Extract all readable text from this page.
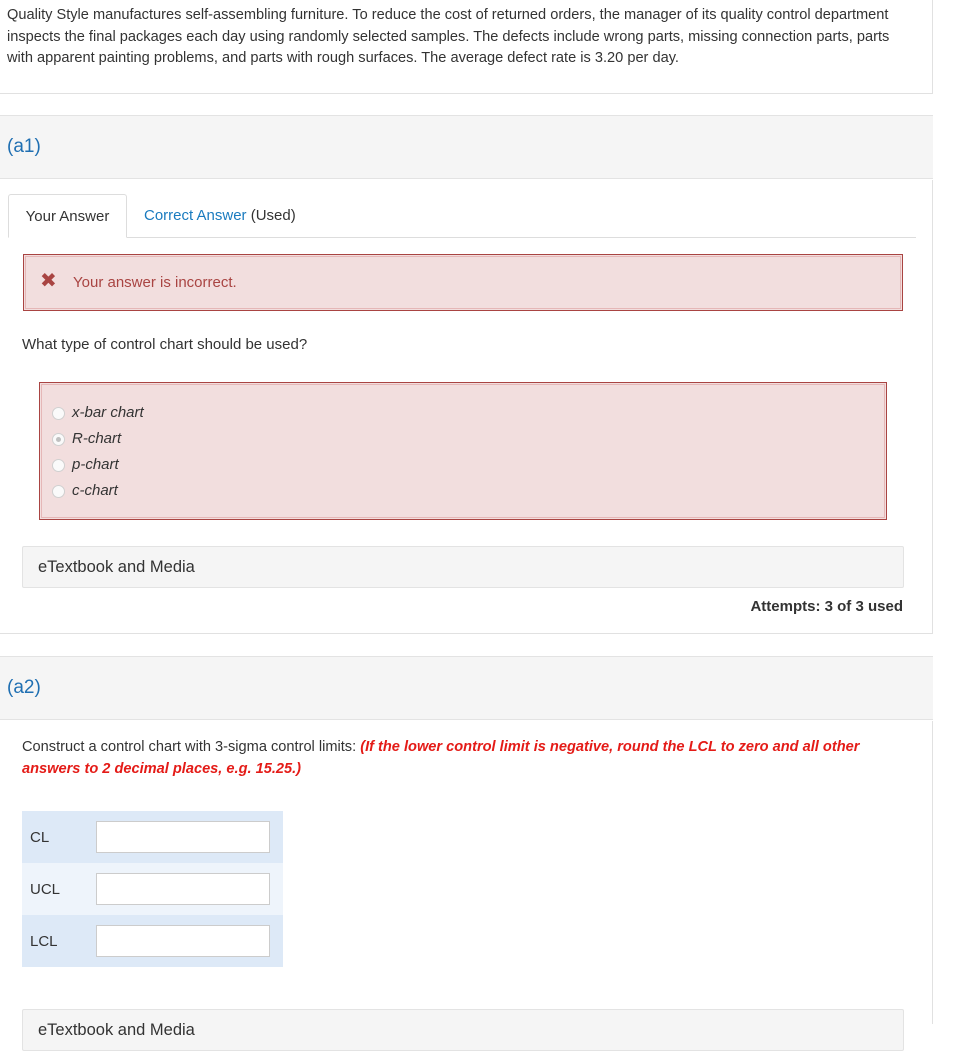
Quality Style manufactures self-assembling furniture. To reduce the cost of returned orders, the manager of its quality control department inspects the final packages each day using randomly selected samples. The defects include wrong parts, missing connection parts, parts with apparent painting problems, and parts with rough surfaces. The average defect rate is 3.20 per day.

(a1)
Your Answer	Correct Answer (Used)
✖ Your answer is incorrect.
What type of control chart should be used?
x-bar chart
R-chart
p-chart
c-chart
eTextbook and Media
Attempts: 3 of 3 used
(a2)
Construct a control chart with 3-sigma control limits: (If the lower control limit is negative, round the LCL to zero and all other answers to 2 decimal places, e.g. 15.25.)
CL
UCL
LCL
eTextbook and Media
